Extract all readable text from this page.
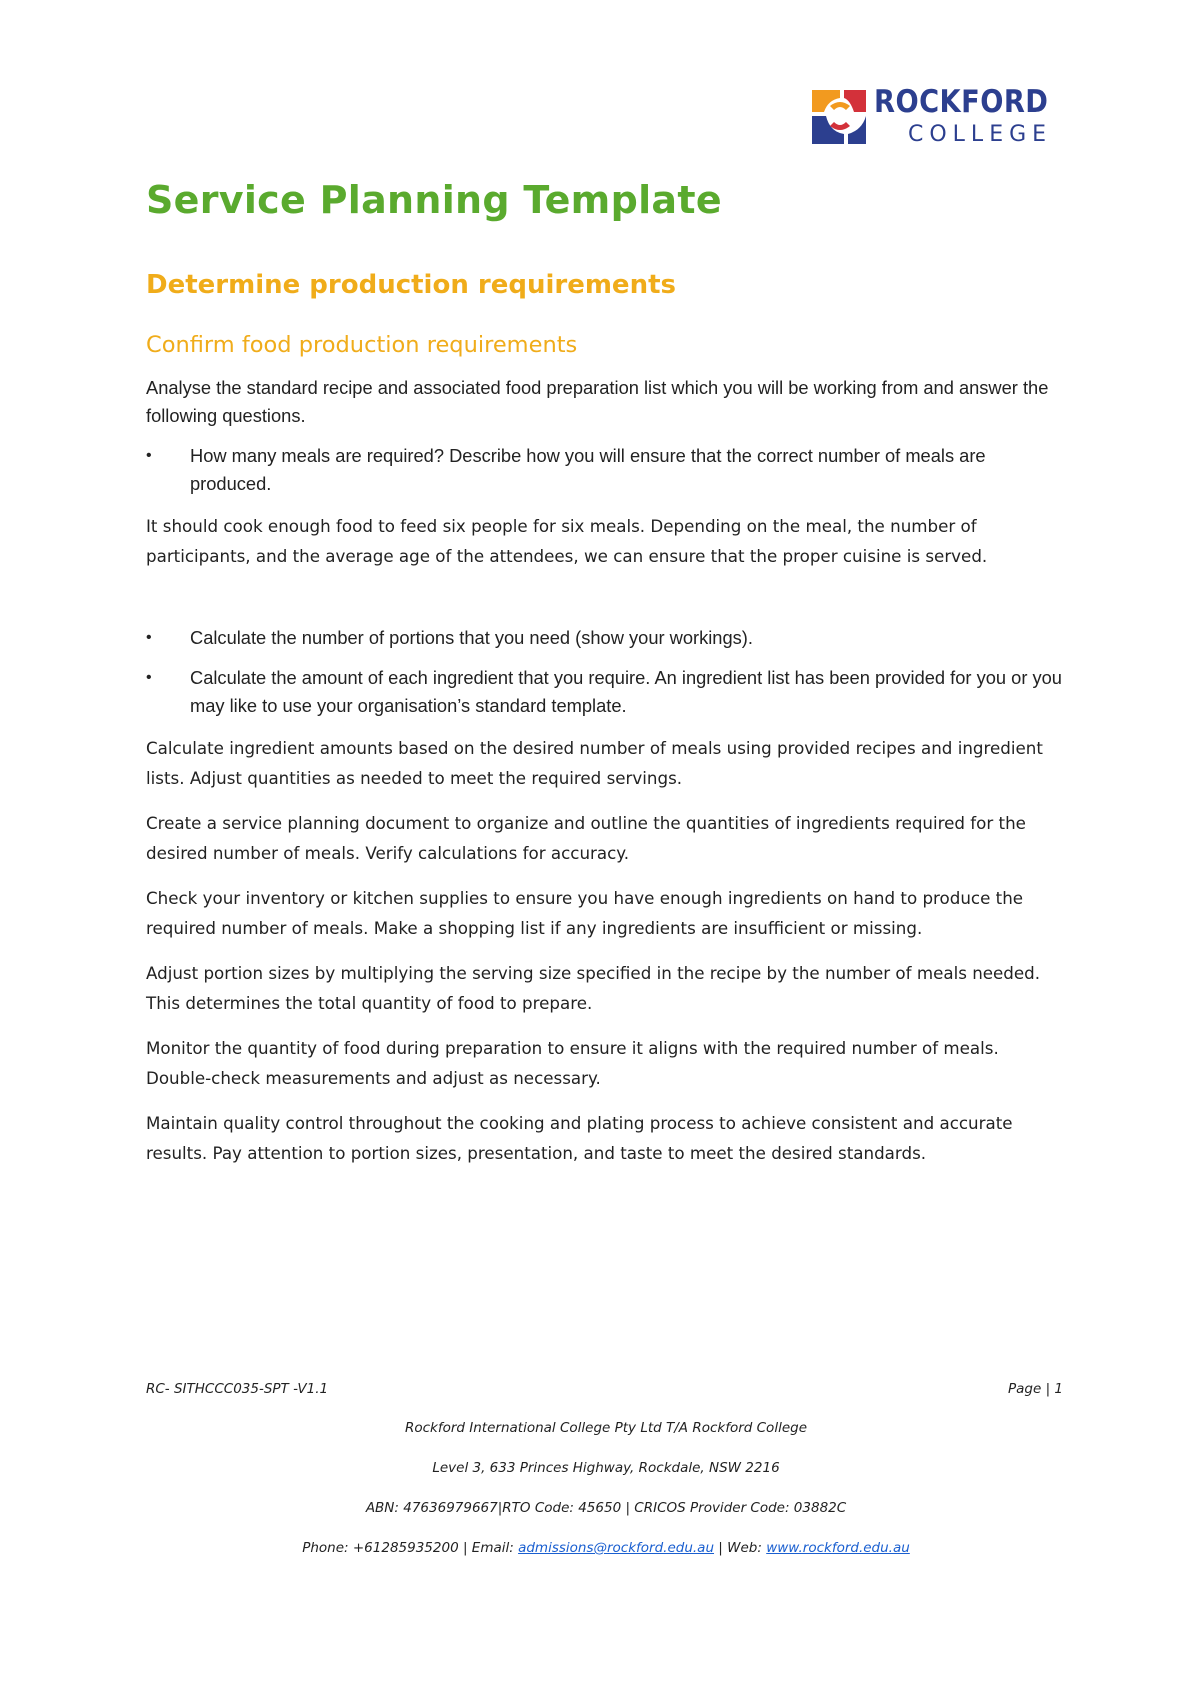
ROCKFORD
COLLEGE
Service Planning Template
Determine production requirements
Confirm food production requirements
Analyse the standard recipe and associated food preparation list which you will be working from and answer the following questions.
•	How many meals are required? Describe how you will ensure that the correct number of meals are produced.
It should cook enough food to feed six people for six meals. Depending on the meal, the number of participants, and the average age of the attendees, we can ensure that the proper cuisine is served.
•	Calculate the number of portions that you need (show your workings).
•	Calculate the amount of each ingredient that you require. An ingredient list has been provided for you or you may like to use your organisation’s standard template.
Calculate ingredient amounts based on the desired number of meals using provided recipes and ingredient lists. Adjust quantities as needed to meet the required servings.
Create a service planning document to organize and outline the quantities of ingredients required for the desired number of meals. Verify calculations for accuracy.
Check your inventory or kitchen supplies to ensure you have enough ingredients on hand to produce the required number of meals. Make a shopping list if any ingredients are insufficient or missing.
Adjust portion sizes by multiplying the serving size specified in the recipe by the number of meals needed. This determines the total quantity of food to prepare.
Monitor the quantity of food during preparation to ensure it aligns with the required number of meals. Double-check measurements and adjust as necessary.
Maintain quality control throughout the cooking and plating process to achieve consistent and accurate results. Pay attention to portion sizes, presentation, and taste to meet the desired standards.
RC- SITHCCC035-SPT -V1.1	Page | 1
Rockford International College Pty Ltd T/A Rockford College
Level 3, 633 Princes Highway, Rockdale, NSW 2216
ABN: 47636979667|RTO Code: 45650 | CRICOS Provider Code: 03882C
Phone: +61285935200 | Email: admissions@rockford.edu.au | Web: www.rockford.edu.au
